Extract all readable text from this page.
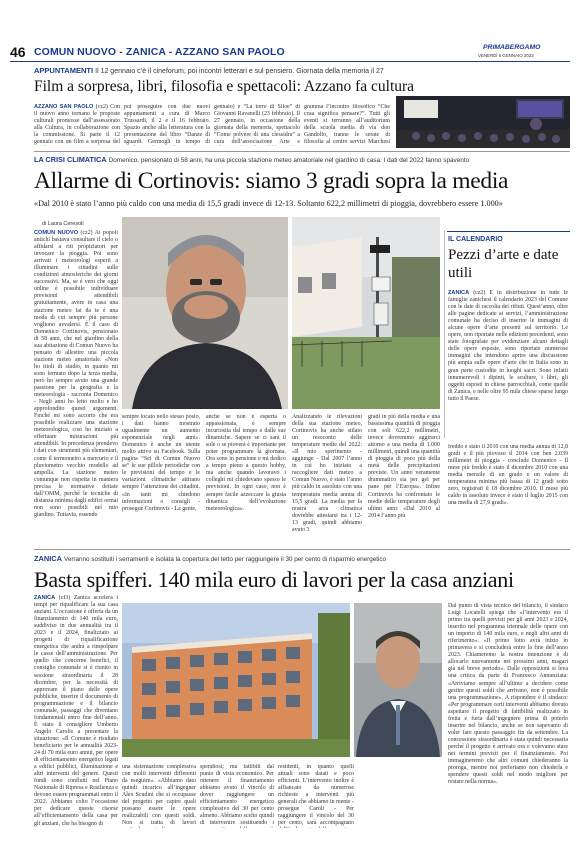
46 COMUN NUOVO - ZANICA - AZZANO SAN PAOLO	PRIMABERGAMO
VENERDÌ 6 GENNAIO 2023
APPUNTAMENTI Il 12 gennaio c’è il cineforum, poi incontri letterari e sul pensiero. Giornata della memoria il 27
Film a sorpresa, libri, filosofia e spettacoli: Azzano fa cultura

AZZANO SAN PAOLO (cz2) Con il nuovo anno tornano le proposte culturali promosse dall’assessorato alla Cultura, in collaborazione con la commissione. Si parte il 12 gennaio con un film a sorpresa del

poi proseguire con due nuovi appuntamenti a cura di Marco Trussardi, il 2 e il 16 febbraio. Spazio anche alla letteratura con la presentazione del libro “Danze di sguardi. Germogli in tempo di

gennaio) e “La torre di Siloe” di Giovanni Ravanelli (23 febbraio). Il 27 gennaio, in occasione della giornata della memoria, spettacolo “Come polvere di una clessidra” a cura dell’associazione Arte e

gramma l’incontro filosofico “Che cosa significa pensare?”. Tutti gli eventi si terranno all’auditorium della scuola media di via don Gandolfo, tranne le serate di filosofia al centro servizi Marchesi

LA CRISI CLIMATICA Domenico, pensionato di 58 anni, ha una piccola stazione meteo amatoriale nel giardino di casa. I dati del 2022 fanno spavento
Allarme di Cortinovis: siamo 3 gradi sopra la media
«Dal 2010 è stato l’anno più caldo con una media di 15,5 gradi invece di 12-13. Soltanto 622,2 millimetri di pioggia, dovrebbero essere 1.000»
di Laura Ceresoli

COMUN NUOVO (cz2) Ai popoli antichi bastava consultare il cielo o affidarsi a riti propiziatori per invocare la pioggia. Poi sono arrivati i meteorologi esperti a illuminare i cittadini sulle condizioni atmosferiche dei giorni successivi. Ma, se è vero che oggi online è possibile individuare previsioni attendibili gratuitamente, avere in casa una stazione meteo fai da te è una moda di cui sempre più persone vogliono avvalersi. È il caso di Domenico Cortinovis, pensionato di 58 anni, che nel giardino della sua abitazione di Comun Nuovo ha pensato di allestire una piccola stazione meteo amatoriale. «Non ho titoli di studio, in quanto mi sono fermato dopo la terza media, però ho sempre avuto una grande passione per la geografia e la meteorologia - racconta Domenico - Negli anni ho letto molto e ho approfondito questi argomenti. Finché mi sono accorto che era possibile realizzare una stazione meteorologica, così ho iniziato a effettuare misurazioni più attendibili. In precedenza prendevo i dati con strumenti più elementari, come il termometro a mercurio e il pluviometro vecchio modello ad ampolla. La stazione meteo comunque non rispetta in maniera precisa le normative dettate dall’OMM, perché le tecniche di distanza minima dagli edifici ormai non sono possibili nel mio giardino. Tuttavia, essendo

sempre locato nello stesso posto, i dati hanno mostrato ugualmente un aumento esponenziale negli anni». Domenico è anche un utente molto attivo su Facebook. Sulla pagina “Sei di Comun Nuovo se” le sue pillole periodiche con le previsioni del tempo e le variazioni climatiche attirano sempre l’attenzione dei cittadini. «In tanti mi chiedono informazioni o consigli - prosegue Cortinovis - La gente,

anche se non è esperta o appassionata, è sempre incuriosita dal tempo e dalle sue dinamiche. Sapere se ci sarà il sole o se pioverà è importante per poter programmare la giornata. Ora sono in pensione e mi dedico a tempo pieno a questo hobby, ma anche quando lavoravo i colleghi mi chiedevano spesso le previsioni. In ogni caso, non è sempre facile azzeccare la giusta dinamica dell’evoluzione meteorologica».

Analizzando le rilevazioni della sua stazione meteo, Cortinovis ha anche stilato un resoconto delle temperature medie del 2022: «Il mio sperimento - aggiunge - Dal 2007 l’anno in cui ho iniziato a raccogliere dati meteo a Comun Nuovo, è stato l’anno più caldo in assoluto con una temperatura media annua di 15,5 gradi. La media per la nostra area climatica dovrebbe attestarsi tra i 12-13 gradi, quindi abbiamo avuto 3

gradi in più della media e una bassissima quantità di pioggia con soli 622,2 millimetri, invece dovremmo aggirarci attorno a una media di 1.000 millimetri, quindi una quantità di pioggia di poco più della metà delle precipitazioni previste. Un anno veramente drammatico sia per gel per pane per l’Europa». Infine Cortinovis ha confrontato le medie delle temperature degli ultimi anni: «Dal 2010 al 2014 l’anno più

IL CALENDARIO
Pezzi d’arte e date utili

ZANICA (cz2) È in distribuzione in tutte le famiglie zanichesi il calendario 2023 del Comune con le date di raccolta dei rifiuti. Quest’anno, oltre alle pagine dedicate ai servizi, l’amministrazione comunale ha deciso di inserire le immagini di alcune opere d’arte presenti sul territorio. Le opere, non riportate nelle edizioni precedenti, sono state fotografate per evidenziare alcuni dettagli delle opere esposte, sono riportate numerose immagini che intendono aprire una discussione più ampia sulle opere d’arte che in Italia sono in gran parte custodite in luoghi sacri. Sono infatti innumerevoli i dipinti, le sculture, i libri, gli oggetti esposti in chiese parrocchiali, come quelle di Zanica, e nelle oltre 95 mila chiese sparse lungo tutto il Paese.

freddo è stato il 2010 con una media annua di 12,8 gradi e il più piovoso il 2014 con ben 2.039 millimetri di pioggia - conclude Domenico - Il mese più freddo è stato il dicembre 2010 con una media mensile di un grado e un valore di temperatura minima più bassa di 12 gradi sotto zero, registrati il 18 dicembre 2010. Il mese più caldo in assoluto invece è stato il luglio 2015 con una media di 27,9 gradi».

ZANICA Verranno sostituiti i serramenti e isolata la copertura del tetto per raggiungere il 30 per cento di risparmio energetico
Basta spifferi. 140 mila euro di lavori per la casa anziani

ZANICA (cf3) Zanica accelera i tempi per riqualificare la sua casa anziani. L’occasione è offerta da un finanziamento di 140 mila euro, suddiviso in due annualità tra il 2023 e il 2024, finalizzato ai progetti di riqualificazione energetica che andrà a rimpolpare le casse dell’amministrazione. Per quello che concerne benefici, il consiglio comunale si è riunito in sessione straordinaria il 28 dicembre, per la necessità di approvare il piano delle opere pubbliche, inserire il documento di programmazione e il bilancio comunale, passaggi che diventano fondamentali entro fine dell’anno. È stato il consigliere Umberto Angelo Carolis a presentare la situazione: «Il Comune è risultato beneficiario per le annualità 2023-24 di 70 mila euro annui, per opere di efficientamento energetico legati a edifici pubblici, illuminazione e altri interventi del genere. Questi fondi sono confluiti nel Piano Nazionale di Ripresa e Resilienza e devono essere programmati entro il 2022. Abbiamo colto l’occasione per dedicare queste risorse all’efficientamento della casa per gli anziani, che ha bisogno di

una sistemazione complessiva con molti interventi differenti da eseguire». «Abbiamo dato quindi incarico all’ingegner Alex Scudini che si occupasse del progetto per capire quali possano essere le opere realizzabili con questi soldi. Non si tratta di lavori

spendiosi; ma fattibili dal punto di vista economico. Per ottenere il finanziamento abbiamo avuto il vincolo di dover raggiungere un efficientamento energetico complessivo del 30 per cento almeno. Abbiamo scelto quindi di intervenire sostituendo i

residenti, in quanto quelli attuali sono datati e poco efficienti. L’intervento inoltre è affiancato da numerose richieste a interventi più generali che abbiamo in mente - prosegue Caroli - Per raggiungere il vincolo del 30 per cento, sarà accompagnato

Dal punto di vista tecnico del bilancio, il sindaco Luigi Locatelli spiega che «l’intervento era il primo tra quelli previsti per gli anni 2023 e 2024, inserito nel programma triennale delle opere con un importo di 140 mila euro, e negli altri anni di riferimento». «Il primo lotto avrà inizio in primavera e si concluderà entro la fine dell’anno 2023. Chiameremo la nostra intenzione è di allocarlo nuovamente nei prossimi anni, magari già nel breve periodo». Dalle opposizioni si leva una critica da parte di Francesco Annunziata: «Arriviamo sempre all’ultimo a decidere come gestire questi soldi che arrivano, non è possibile una programmazione». A rispondere è il sindaco: «Per programmare certi interventi abbiamo dovuto aspettare il progetto di fattibilità realizzato in fretta e furia dall’ingegnere prima di poterlo inserire nel bilancio, anche se non sapevamo di voler fare questo passaggio fin da settembre. La concessione straordinaria è stata quindi necessaria perché il progetto è arrivato ora e volevamo stare nei termini previsti per il finanziamento. Poi immagineremo che altri comuni chiederanno la proroga, mentre noi preferiamo non chiederla e spendere questi soldi nel modo migliore per restare nella norma».
